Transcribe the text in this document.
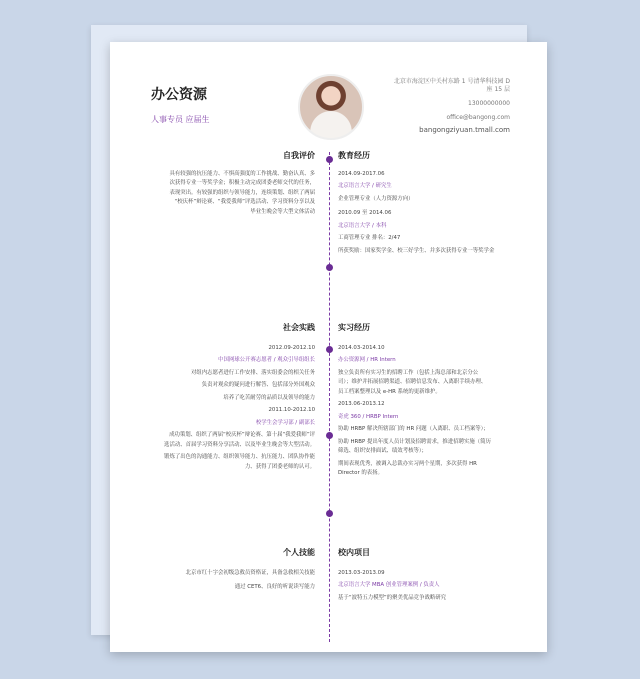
办公资源
人事专员 应届生
北京市海淀区中关村东路 1 号清华科技园 D 座 15 层
13000000000
office@bangong.com
bangongziyuan.tmall.com
自我评价

具有较强的抗压能力、不惧高强度的工作挑战、勤奋认真、多

次获得专业一等奖学金；积极主动完成团委老师交代的任务，

表现突出。有较强的组织与领导能力，连续策划、组织了两届

“校庆杯”辩论赛、“我爱我师”评选活动、学习资料分享以及

毕业生晚会等大型文体活动

教育经历

2014.09-2017.06

北京语言大学 / 研究生

企业管理专业（人力资源方向）

2010.09 至 2014.06

北京语言大学 / 本科

工商管理专业 排名：2/47

所获奖励：国家奖学金、校三好学生、并多次获得专业一等奖学金

社会实践

2012.09-2012.10

中国网球公开赛志愿者 / 观众引导组组长

对组内志愿者进行工作安排、落实组委会的相关任务

负责对观众的疑问进行解答、包括部分外国观众

培养了吃苦耐劳的品质以及领导的能力

2011.10-2012.10

校学生会学习部 / 副部长

成功策划、组织了两届“校庆杯”辩论赛、第十届“我爱我师”评

选活动、首届学习资料分享活动、以及毕业生晚会等大型活动。

锻炼了出色的沟通能力、组织领导能力、抗压能力、团队协作能

力、获得了团委老师的认可。

实习经历

2014.03-2014.10

办公资源网 / HR Intern

独立负责所有实习生的招聘工作（包括上海总部和北京分公

司）；维护并拓展招聘渠道、招聘信息发布、入离职手续办理、

员工档案整理以及 e-HR 系统的更新维护。

2013.06-2013.12

奇虎 360 / HRBP Intern

协助 HRBP 解决所辖部门的 HR 问题（入离职、员工档案等）；

协助 HRBP 提出年度人员计划及招聘需求，推进招聘实施（简历

筛选、组织安排面试、绩效考核等）；

期间表现优秀，被调入总裁办实习两个星期，多次获得 HR

Director 的表扬。

个人技能

北京市红十字会初级急救员资格证，具备急救相关技能

通过 CET6、良好的听说读写能力

校内项目

2013.03-2013.09

北京语言大学 MBA 创业管理案例 / 负责人

基于“波特五力模型”的聚美优品竞争战略研究
